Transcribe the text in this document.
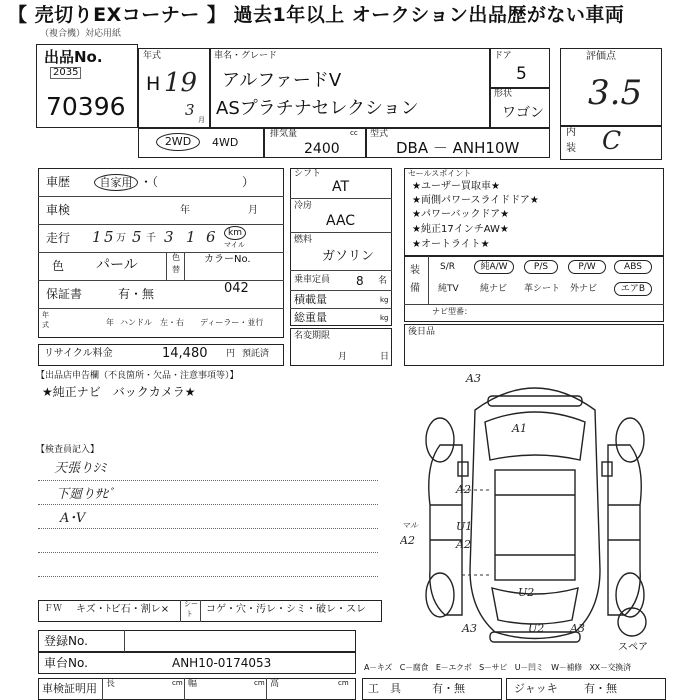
【 売切りEXコーナー 】 過去1年以上 オークション出品歴がない車両
（複合機）対応用紙
出品No.
2035
70396
年式
H 19
3
月
車名・グレード
アルファードV
ASプラチナセレクション
ドア
5
形状
ワゴン
評価点
3.5
内
装 C
2WD	4WD
排気量	cc
2400
型式
DBA － ANH10W
車歴	自家用 ・（　　　　　　　）
車検	年	月
走行 1 5 万 5 千 3 1 6	km
マイル
色 パール	色
替
カラーNo.
保証書	有・無	042
年
式	年 ハンドル　左・右 ディーラー・並行
リサイクル料金	14,480 円 預託済
シフト
AT
冷房
AAC
燃料
ガソリン
乗車定員 8 名
積載量	kg
総重量	kg
名変期限
月	日
セールスポイント
★ユーザー買取車★
★両側パワースライドドア★
★パワーバックドア★
★純正17インチAW★
★オートライト★
装
備
S/R	純A/W	P/S	P/W	ABS
純TV 純ナビ 革シート 外ナビ	エアB
ナビ型番：
後日品
【出品店申告欄（不良箇所・欠品・注意事項等）】
★純正ナビ　バックカメラ★
【検査員記入】
天張りｼﾐ
下廻りｻﾋﾞ
A･V
ＦＷ キズ・ﾄビ石・割レ× シー
ト コゲ・穴・汚レ・シミ・破レ・スレ
登録No.
車台No.	ANH10-0174053
車検証明用 長	cm 幅	cm 高	cm
A－キズ　C－腐食　E－エクボ　S－サビ　U－凹ミ　W－補修　XX－交換済
工　具	有・無	ジャッキ 有・無
A3
A1
A2
A2
マル
A2
U1
U2
A3	U2 A3
スペア
